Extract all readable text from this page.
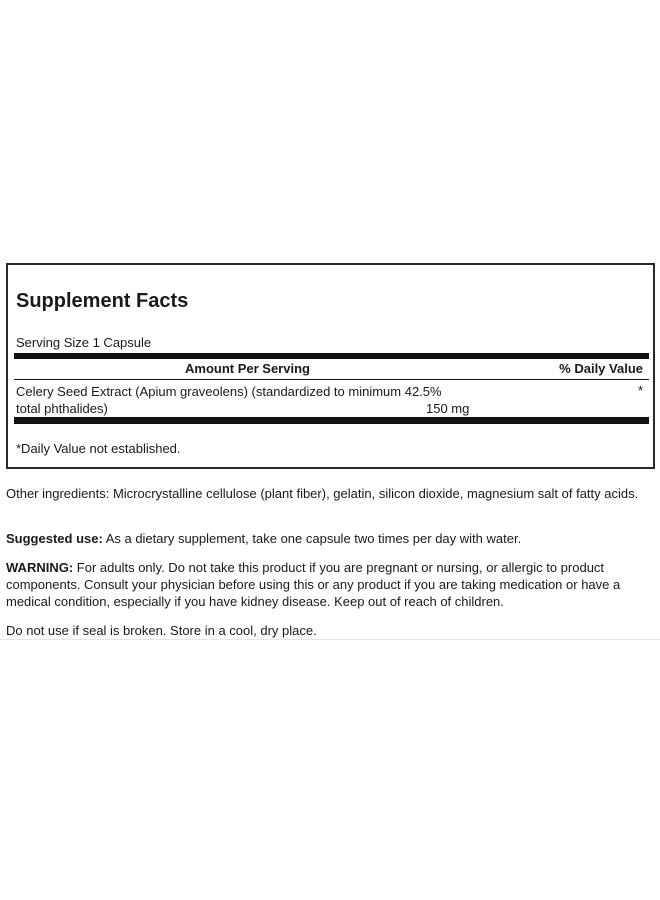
Supplement Facts
Serving Size 1 Capsule
Amount Per Serving	% Daily Value
Celery Seed Extract (Apium graveolens) (standardized to minimum 42.5%
total phthalides)	150 mg
*
*Daily Value not established.

Other ingredients: Microcrystalline cellulose (plant fiber), gelatin, silicon dioxide, magnesium salt of fatty acids.

Suggested use: As a dietary supplement, take one capsule two times per day with water.

WARNING: For adults only. Do not take this product if you are pregnant or nursing, or allergic to product components. Consult your physician before using this or any product if you are taking medication or have a medical condition, especially if you have kidney disease. Keep out of reach of children.

Do not use if seal is broken. Store in a cool, dry place.
